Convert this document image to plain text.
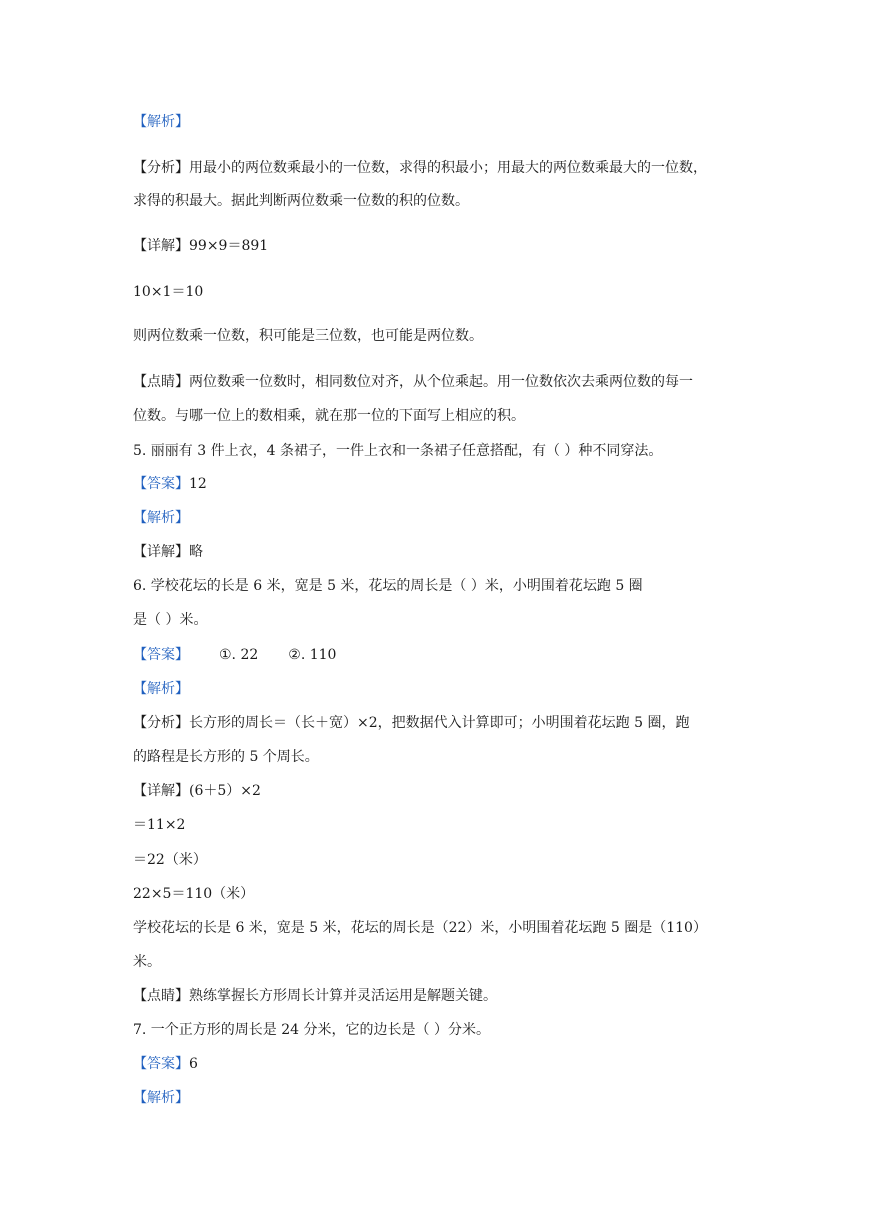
【解析】
【分析】用最小的两位数乘最小的一位数，求得的积最小；用最大的两位数乘最大的一位数，
求得的积最大。据此判断两位数乘一位数的积的位数。
【详解】99×9＝891
10×1＝10
则两位数乘一位数，积可能是三位数，也可能是两位数。
【点睛】两位数乘一位数时，相同数位对齐，从个位乘起。用一位数依次去乘两位数的每一
位数。与哪一位上的数相乘，就在那一位的下面写上相应的积。
5. 丽丽有 3 件上衣，4 条裙子，一件上衣和一条裙子任意搭配，有（ ）种不同穿法。
【答案】12
【解析】
【详解】略
6. 学校花坛的长是 6 米，宽是 5 米，花坛的周长是（ ）米，小明围着花坛跑 5 圈
是（ ）米。
【答案】 ①. 22 ②. 110
【解析】
【分析】长方形的周长＝（长＋宽）×2，把数据代入计算即可；小明围着花坛跑 5 圈，跑
的路程是长方形的 5 个周长。
【详解】(6＋5）×2
＝11×2
＝22（米）
22×5＝110（米）
学校花坛的长是 6 米，宽是 5 米，花坛的周长是（22）米，小明围着花坛跑 5 圈是（110）
米。
【点睛】熟练掌握长方形周长计算并灵活运用是解题关键。
7. 一个正方形的周长是 24 分米，它的边长是（ ）分米。
【答案】6
【解析】
